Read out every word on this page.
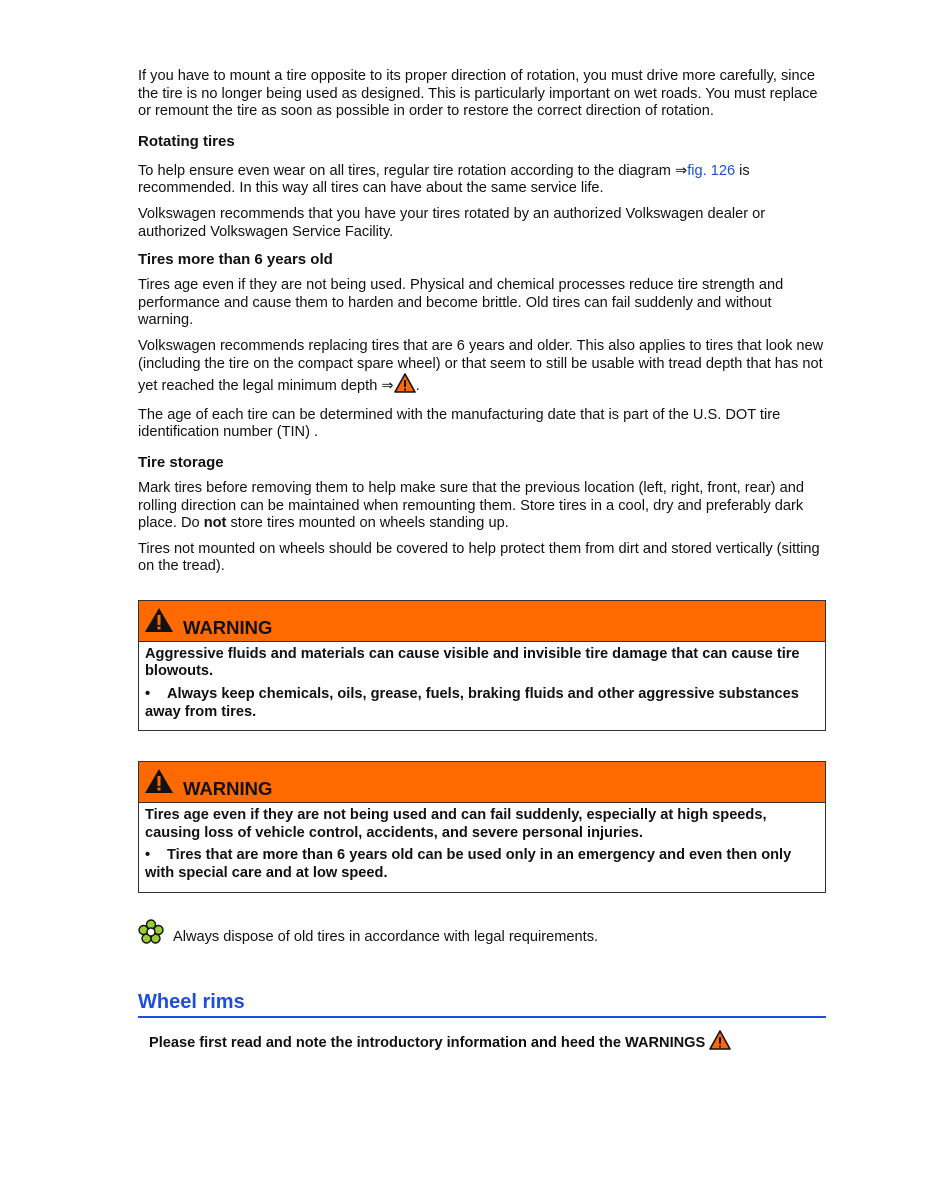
If you have to mount a tire opposite to its proper direction of rotation, you must drive more carefully, since the tire is no longer being used as designed. This is particularly important on wet roads. You must replace or remount the tire as soon as possible in order to restore the correct direction of rotation.

Rotating tires

To help ensure even wear on all tires, regular tire rotation according to the diagram ⇒fig. 126 is recommended. In this way all tires can have about the same service life.

Volkswagen recommends that you have your tires rotated by an authorized Volkswagen dealer or authorized Volkswagen Service Facility.

Tires more than 6 years old

Tires age even if they are not being used. Physical and chemical processes reduce tire strength and performance and cause them to harden and become brittle. Old tires can fail suddenly and without warning.

Volkswagen recommends replacing tires that are 6 years and older. This also applies to tires that look new (including the tire on the compact spare wheel) or that seem to still be usable with tread depth that has not yet reached the legal minimum depth ⇒ .

The age of each tire can be determined with the manufacturing date that is part of the U.S. DOT tire identification number (TIN) .

Tire storage

Mark tires before removing them to help make sure that the previous location (left, right, front, rear) and rolling direction can be maintained when remounting them. Store tires in a cool, dry and preferably dark place. Do not store tires mounted on wheels standing up.

Tires not mounted on wheels should be covered to help protect them from dirt and stored vertically (sitting on the tread).

WARNING

Aggressive fluids and materials can cause visible and invisible tire damage that can cause tire blowouts.

• Always keep chemicals, oils, grease, fuels, braking fluids and other aggressive substances away from tires.

WARNING

Tires age even if they are not being used and can fail suddenly, especially at high speeds, causing loss of vehicle control, accidents, and severe personal injuries.

• Tires that are more than 6 years old can be used only in an emergency and even then only with special care and at low speed.

Always dispose of old tires in accordance with legal requirements.
Wheel rims
Please first read and note the introductory information and heed the WARNINGS
